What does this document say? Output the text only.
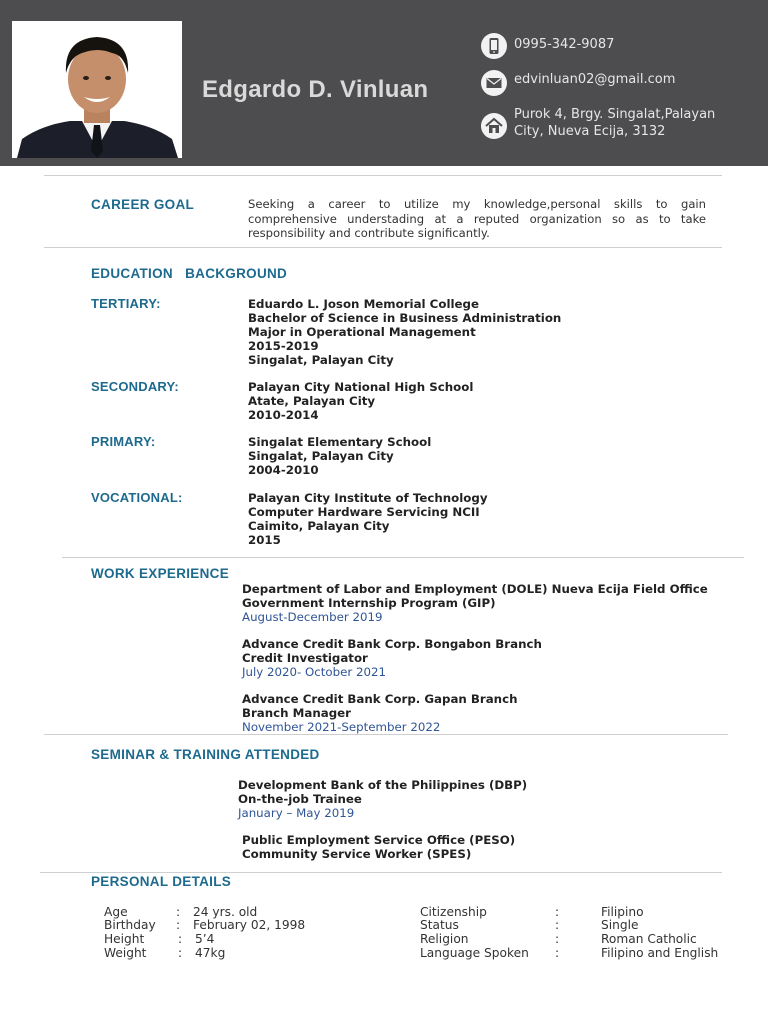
Edgardo D. Vinluan
0995-342-9087
edvinluan02@gmail.com
Purok 4, Brgy. Singalat,Palayan
City, Nueva Ecija, 3132
CAREER GOAL	Seeking a career to utilize my knowledge,personal skills to gain comprehensive understading at a reputed organization so as to take responsibility and contribute significantly.
EDUCATION   BACKGROUND
TERTIARY:	Eduardo L. Joson Memorial College
Bachelor of Science in Business Administration
Major in Operational Management
2015-2019
Singalat, Palayan City
SECONDARY:	Palayan City National High School
Atate, Palayan City
2010-2014
PRIMARY:	Singalat Elementary School
Singalat, Palayan City
2004-2010
VOCATIONAL:	Palayan City Institute of Technology
Computer Hardware Servicing NCII
Caimito, Palayan City
2015
WORK EXPERIENCE
Department of Labor and Employment (DOLE) Nueva Ecija Field Office
Government Internship Program (GIP)
August-December 2019
Advance Credit Bank Corp. Bongabon Branch
Credit Investigator
July 2020- October 2021
Advance Credit Bank Corp. Gapan Branch
Branch Manager
November 2021-September 2022
SEMINAR & TRAINING ATTENDED
Development Bank of the Philippines (DBP)
On-the-job Trainee
January – May 2019
Public Employment Service Office (PESO)
Community Service Worker (SPES)
PERSONAL DETAILS
Age	: 24 yrs. old
Birthday : February 02, 1998
Height	: 5’4
Weight	: 47kg
Citizenship	:	Filipino
Status	:	Single
Religion	:	Roman Catholic
Language Spoken :	Filipino and English
